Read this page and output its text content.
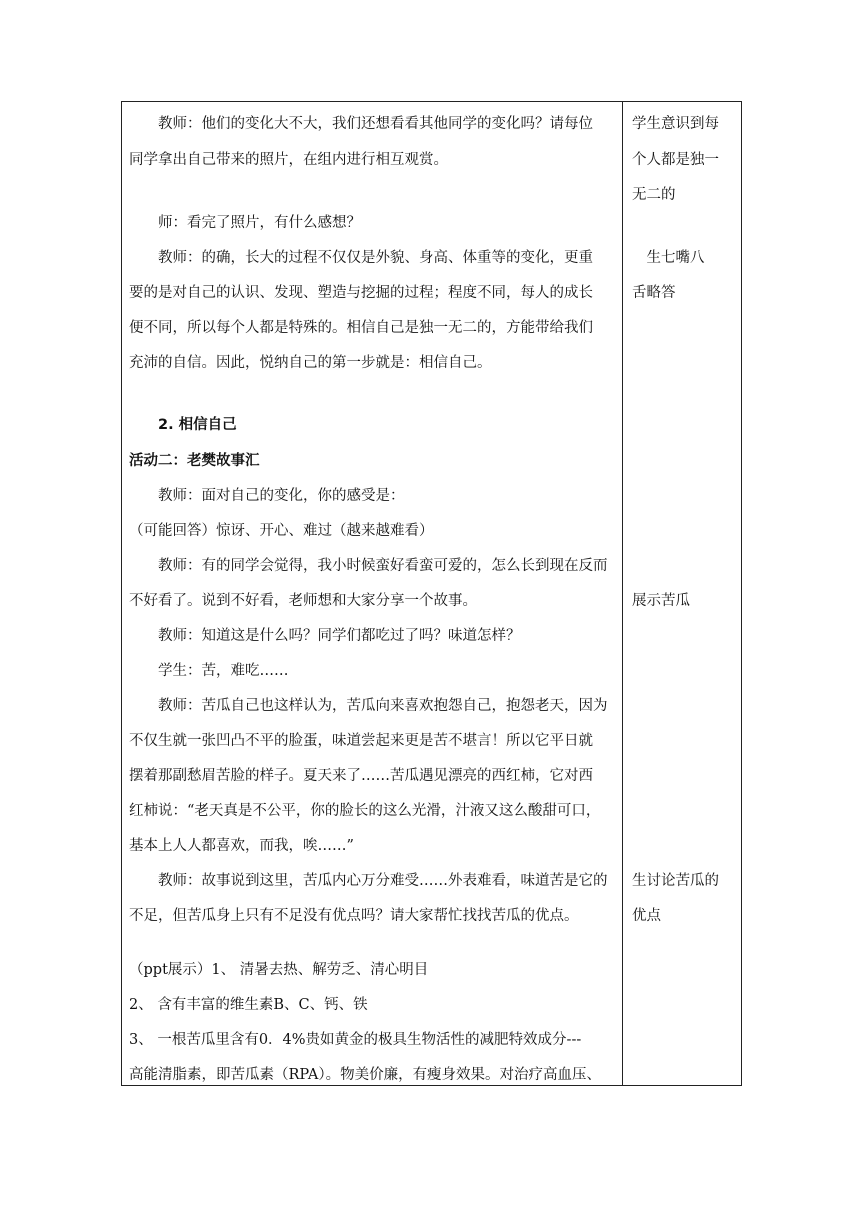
　　教师：他们的变化大不大，我们还想看看其他同学的变化吗？请每位
同学拿出自己带来的照片，在组内进行相互观赏。
　　师：看完了照片，有什么感想？
　　教师：的确，长大的过程不仅仅是外貌、身高、体重等的变化，更重
要的是对自己的认识、发现、塑造与挖掘的过程；程度不同，每人的成长
便不同，所以每个人都是特殊的。相信自己是独一无二的，方能带给我们
充沛的自信。因此，悦纳自己的第一步就是：相信自己。
　　2. 相信自己
活动二：老樊故事汇
　　教师：面对自己的变化，你的感受是：
（可能回答）惊讶、开心、难过（越来越难看）
　　教师：有的同学会觉得，我小时候蛮好看蛮可爱的，怎么长到现在反而
不好看了。说到不好看，老师想和大家分享一个故事。
　　教师：知道这是什么吗？同学们都吃过了吗？味道怎样？
　　学生：苦，难吃……
　　教师：苦瓜自己也这样认为，苦瓜向来喜欢抱怨自己，抱怨老天，因为
不仅生就一张凹凸不平的脸蛋，味道尝起来更是苦不堪言！所以它平日就
摆着那副愁眉苦脸的样子。夏天来了……苦瓜遇见漂亮的西红柿，它对西
红柿说：“老天真是不公平，你的脸长的这么光滑，汁液又这么酸甜可口，
基本上人人都喜欢，而我，唉……”
　　教师：故事说到这里，苦瓜内心万分难受……外表难看，味道苦是它的
不足，但苦瓜身上只有不足没有优点吗？请大家帮忙找找苦瓜的优点。
（ppt展示）1、 清暑去热、解劳乏、清心明目
2、 含有丰富的维生素B、C、钙、铁
3、 一根苦瓜里含有0．4%贵如黄金的极具生物活性的减肥特效成分---
高能清脂素，即苦瓜素（RPA）。物美价廉，有瘦身效果。对治疗高血压、
学生意识到每
个人都是独一
无二的
　生七嘴八
舌略答
展示苦瓜
生讨论苦瓜的
优点
